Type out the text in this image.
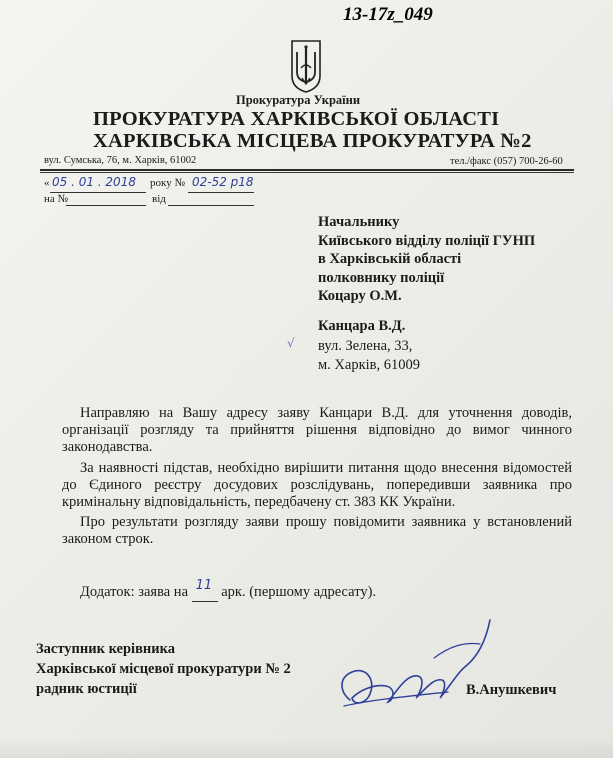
13-17z_049
Прокуратура України
ПРОКУРАТУРА ХАРКІВСЬКОЇ ОБЛАСТІ
ХАРКІВСЬКА МІСЦЕВА ПРОКУРАТУРА №2
вул. Сумська, 76, м. Харків, 61002	тел./факс (057) 700-26-60
« 05 . 01 . 2018 року № 02-52 р18
на №	від
Начальнику
Київського відділу поліції ГУНП
в Харківській області
полковнику поліції
Коцару О.М.
√
Канцара В.Д.
вул. Зелена, 33,
м. Харків, 61009
Направляю на Вашу адресу заяву Канцари В.Д. для уточнення доводів, організації розгляду та прийняття рішення відповідно до вимог чинного законодавства.
За наявності підстав, необхідно вирішити питання щодо внесення відомостей до Єдиного реєстру досудових розслідувань, попередивши заявника про кримінальну відповідальність, передбачену ст. 383 КК України.
Про результати розгляду заяви прошу повідомити заявника у встановлений законом строк.
Додаток: заява на 11 арк. (першому адресату).
Заступник керівника
Харківської місцевої прокуратури № 2
радник юстиції	В.Анушкевич
